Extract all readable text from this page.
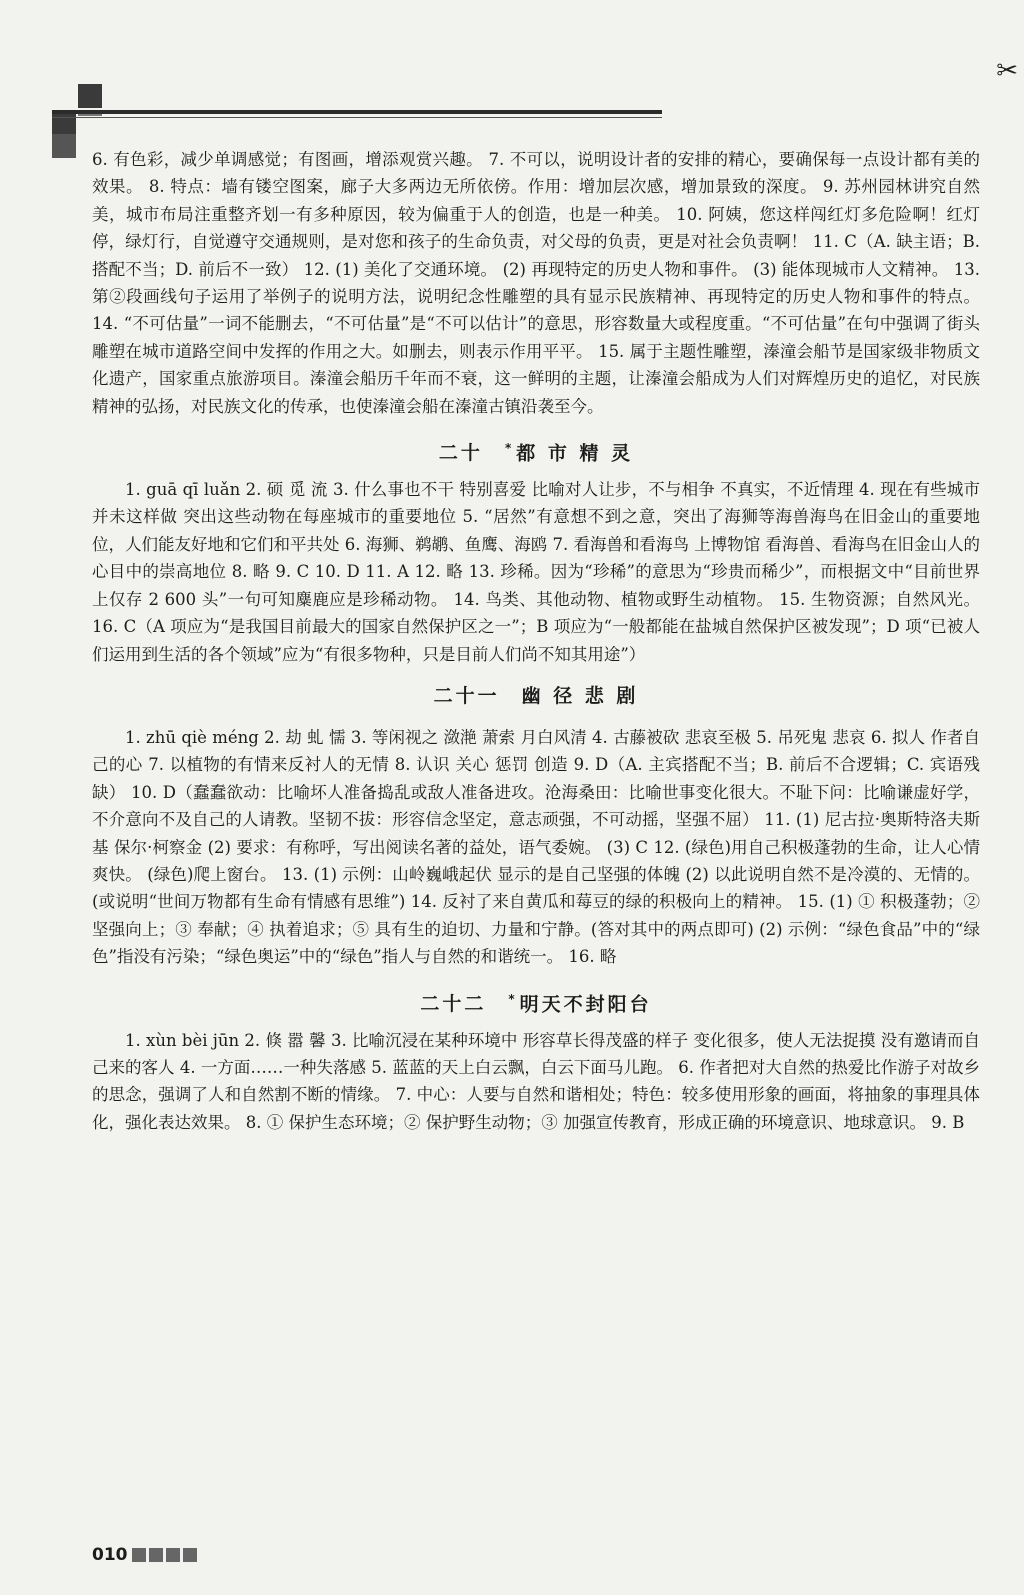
✂

6. 有色彩，减少单调感觉；有图画，增添观赏兴趣。 7. 不可以，说明设计者的安排的精心，要确保每一点设计都有美的效果。 8. 特点：墙有镂空图案，廊子大多两边无所依傍。作用：增加层次感，增加景致的深度。 9. 苏州园林讲究自然美，城市布局注重整齐划一有多种原因，较为偏重于人的创造，也是一种美。 10. 阿姨，您这样闯红灯多危险啊！红灯停，绿灯行，自觉遵守交通规则，是对您和孩子的生命负责，对父母的负责，更是对社会负责啊！ 11. C（A. 缺主语；B. 搭配不当；D. 前后不一致） 12. (1) 美化了交通环境。 (2) 再现特定的历史人物和事件。 (3) 能体现城市人文精神。 13. 第②段画线句子运用了举例子的说明方法，说明纪念性雕塑的具有显示民族精神、再现特定的历史人物和事件的特点。 14. “不可估量”一词不能删去，“不可估量”是“不可以估计”的意思，形容数量大或程度重。“不可估量”在句中强调了街头雕塑在城市道路空间中发挥的作用之大。如删去，则表示作用平平。 15. 属于主题性雕塑，溱潼会船节是国家级非物质文化遗产，国家重点旅游项目。溱潼会船历千年而不衰，这一鲜明的主题，让溱潼会船成为人们对辉煌历史的追忆，对民族精神的弘扬，对民族文化的传承，也使溱潼会船在溱潼古镇沿袭至今。

二十 * 都 市 精 灵

1. guā qī luǎn 2. 硕 觅 流 3. 什么事也不干 特别喜爱 比喻对人让步，不与相争 不真实，不近情理 4. 现在有些城市并未这样做 突出这些动物在每座城市的重要地位 5. “居然”有意想不到之意，突出了海狮等海兽海鸟在旧金山的重要地位，人们能友好地和它们和平共处 6. 海狮、鹈鹕、鱼鹰、海鸥 7. 看海兽和看海鸟 上博物馆 看海兽、看海鸟在旧金山人的心目中的崇高地位 8. 略 9. C 10. D 11. A 12. 略 13. 珍稀。因为“珍稀”的意思为“珍贵而稀少”，而根据文中“目前世界上仅存 2 600 头”一句可知麋鹿应是珍稀动物。 14. 鸟类、其他动物、植物或野生动植物。 15. 生物资源；自然风光。 16. C（A 项应为“是我国目前最大的国家自然保护区之一”；B 项应为“一般都能在盐城自然保护区被发现”；D 项“已被人们运用到生活的各个领域”应为“有很多物种，只是目前人们尚不知其用途”）

二十一 幽 径 悲 剧

1. zhū qiè méng 2. 劫 虬 懦 3. 等闲视之 潋滟 萧索 月白风清 4. 古藤被砍 悲哀至极 5. 吊死鬼 悲哀 6. 拟人 作者自己的心 7. 以植物的有情来反衬人的无情 8. 认识 关心 惩罚 创造 9. D（A. 主宾搭配不当；B. 前后不合逻辑；C. 宾语残缺） 10. D（蠢蠢欲动：比喻坏人准备捣乱或敌人准备进攻。沧海桑田：比喻世事变化很大。不耻下问：比喻谦虚好学，不介意向不及自己的人请教。坚韧不拔：形容信念坚定，意志顽强，不可动摇，坚强不屈） 11. (1) 尼古拉·奥斯特洛夫斯基 保尔·柯察金 (2) 要求：有称呼，写出阅读名著的益处，语气委婉。 (3) C 12. (绿色)用自己积极蓬勃的生命，让人心情爽快。 (绿色)爬上窗台。 13. (1) 示例：山岭巍峨起伏 显示的是自己坚强的体魄 (2) 以此说明自然不是冷漠的、无情的。(或说明“世间万物都有生命有情感有思维”) 14. 反衬了来自黄瓜和莓豆的绿的积极向上的精神。 15. (1) ① 积极蓬勃；② 坚强向上；③ 奉献；④ 执着追求；⑤ 具有生的迫切、力量和宁静。(答对其中的两点即可) (2) 示例：“绿色食品”中的“绿色”指没有污染；“绿色奥运”中的“绿色”指人与自然的和谐统一。 16. 略

二十二 * 明天不封阳台

1. xùn bèi jūn 2. 倏 嚣 馨 3. 比喻沉浸在某种环境中 形容草长得茂盛的样子 变化很多，使人无法捉摸 没有邀请而自己来的客人 4. 一方面……一种失落感 5. 蓝蓝的天上白云飘，白云下面马儿跑。 6. 作者把对大自然的热爱比作游子对故乡的思念，强调了人和自然割不断的情缘。 7. 中心：人要与自然和谐相处；特色：较多使用形象的画面，将抽象的事理具体化，强化表达效果。 8. ① 保护生态环境；② 保护野生动物；③ 加强宣传教育，形成正确的环境意识、地球意识。 9. B

010
